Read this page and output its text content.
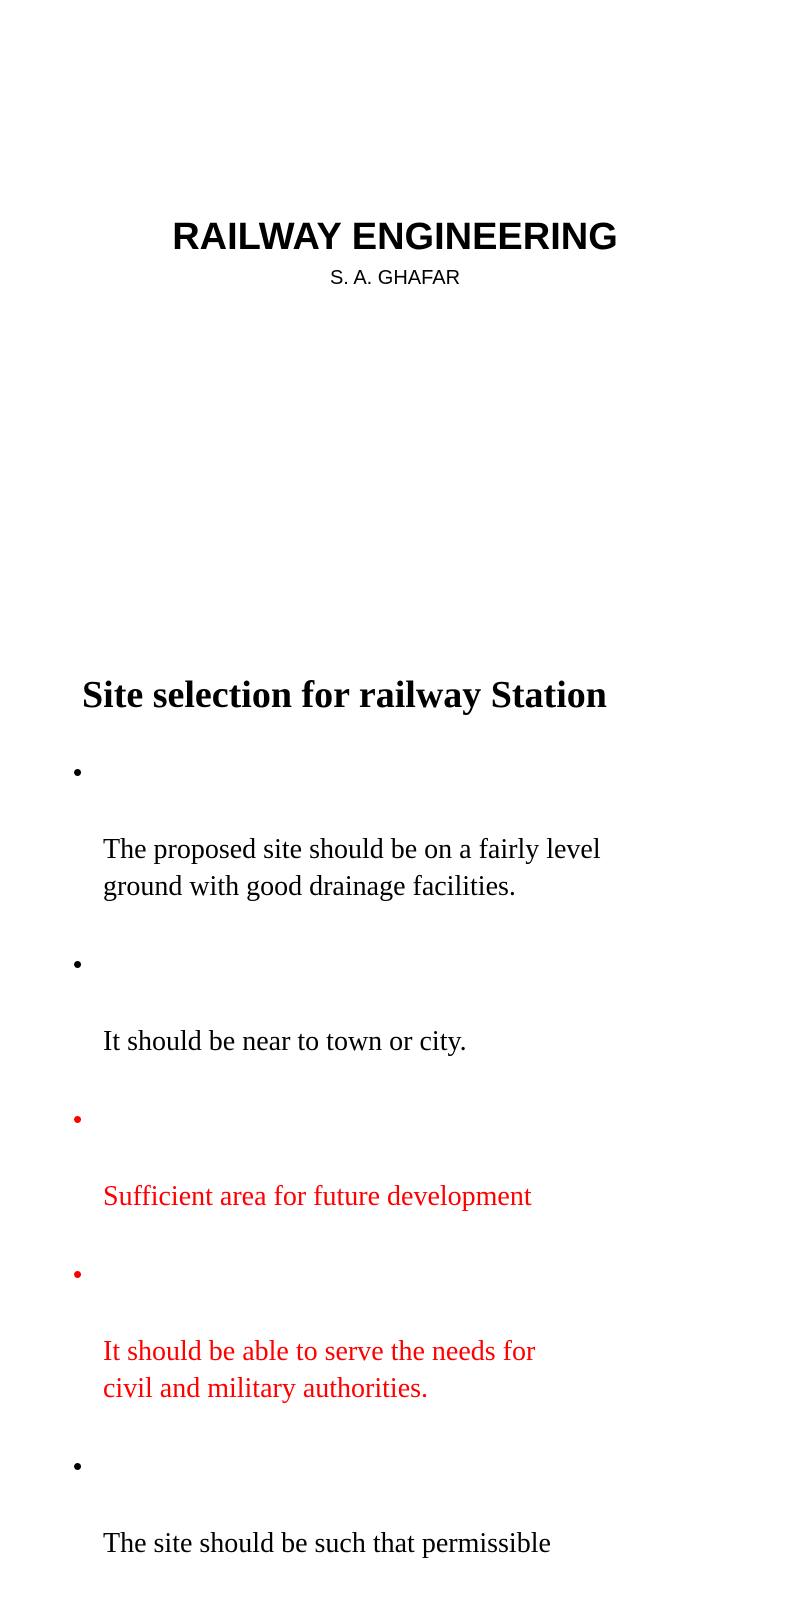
RAILWAY ENGINEERING

S. A. GHAFAR

Site selection for railway Station

•

The proposed site should be on a fairly level
ground with good drainage facilities.

•

It should be near to town or city.

•

Sufficient area for future development

•

It should be able to serve the needs for
civil and military authorities.

•

The site should be such that permissible
